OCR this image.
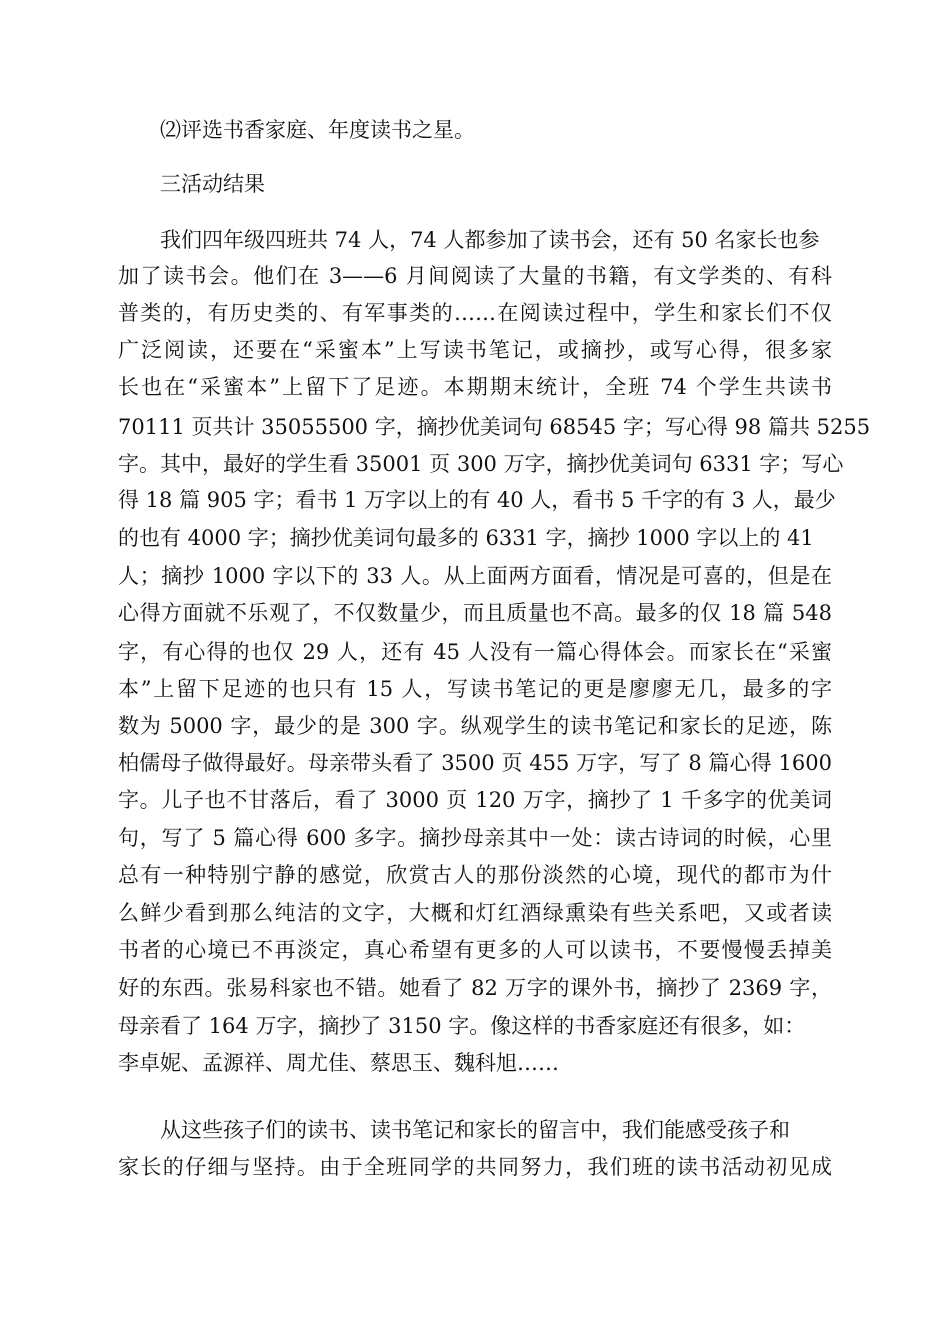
⑵评选书香家庭、年度读书之星。
三活动结果
我们四年级四班共 74 人，74 人都参加了读书会，还有 50 名家长也参
加了读书会。他们在 3——6 月间阅读了大量的书籍，有文学类的、有科
普类的，有历史类的、有军事类的……在阅读过程中，学生和家长们不仅
广泛阅读，还要在“采蜜本”上写读书笔记，或摘抄，或写心得，很多家
长也在“采蜜本”上留下了足迹。本期期末统计，全班 74 个学生共读书
70111 页共计 35055500 字，摘抄优美词句 68545 字；写心得 98 篇共 5255
字。其中，最好的学生看 35001 页 300 万字，摘抄优美词句 6331 字；写心
得 18 篇 905 字；看书 1 万字以上的有 40 人，看书 5 千字的有 3 人，最少
的也有 4000 字；摘抄优美词句最多的 6331 字，摘抄 1000 字以上的 41
人；摘抄 1000 字以下的 33 人。从上面两方面看，情况是可喜的，但是在
心得方面就不乐观了，不仅数量少，而且质量也不高。最多的仅 18 篇 548
字，有心得的也仅 29 人，还有 45 人没有一篇心得体会。而家长在“采蜜
本”上留下足迹的也只有 15 人，写读书笔记的更是廖廖无几，最多的字
数为 5000 字，最少的是 300 字。纵观学生的读书笔记和家长的足迹，陈
柏儒母子做得最好。母亲带头看了 3500 页 455 万字，写了 8 篇心得 1600
字。儿子也不甘落后，看了 3000 页 120 万字，摘抄了 1 千多字的优美词
句，写了 5 篇心得 600 多字。摘抄母亲其中一处：读古诗词的时候，心里
总有一种特别宁静的感觉，欣赏古人的那份淡然的心境，现代的都市为什
么鲜少看到那么纯洁的文字，大概和灯红酒绿熏染有些关系吧，又或者读
书者的心境已不再淡定，真心希望有更多的人可以读书，不要慢慢丢掉美
好的东西。张易科家也不错。她看了 82 万字的课外书，摘抄了 2369 字，
母亲看了 164 万字，摘抄了 3150 字。像这样的书香家庭还有很多，如：
李卓妮、孟源祥、周尤佳、蔡思玉、魏科旭……
从这些孩子们的读书、读书笔记和家长的留言中，我们能感受孩子和
家长的仔细与坚持。由于全班同学的共同努力，我们班的读书活动初见成
